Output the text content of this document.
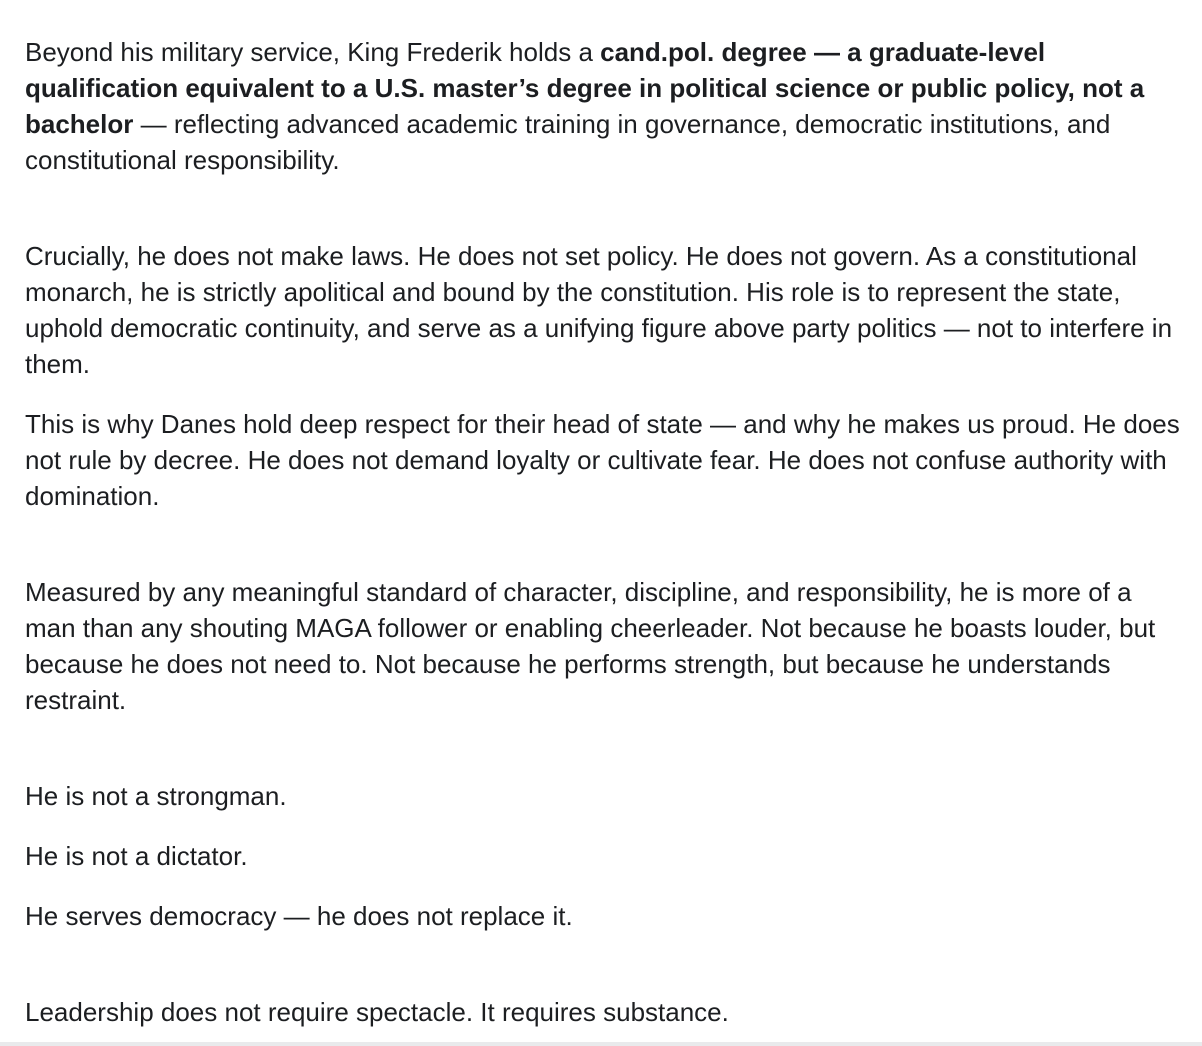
Beyond his military service, King Frederik holds a cand.pol. degree — a graduate-level qualification equivalent to a U.S. master’s degree in political science or public policy, not a bachelor — reflecting advanced academic training in governance, democratic institutions, and constitutional responsibility.

Crucially, he does not make laws. He does not set policy. He does not govern. As a constitutional monarch, he is strictly apolitical and bound by the constitution. His role is to represent the state, uphold democratic continuity, and serve as a unifying figure above party politics — not to interfere in them.

This is why Danes hold deep respect for their head of state — and why he makes us proud. He does not rule by decree. He does not demand loyalty or cultivate fear. He does not confuse authority with domination.

Measured by any meaningful standard of character, discipline, and responsibility, he is more of a man than any shouting MAGA follower or enabling cheerleader. Not because he boasts louder, but because he does not need to. Not because he performs strength, but because he understands restraint.

He is not a strongman.

He is not a dictator.

He serves democracy — he does not replace it.

Leadership does not require spectacle. It requires substance.
